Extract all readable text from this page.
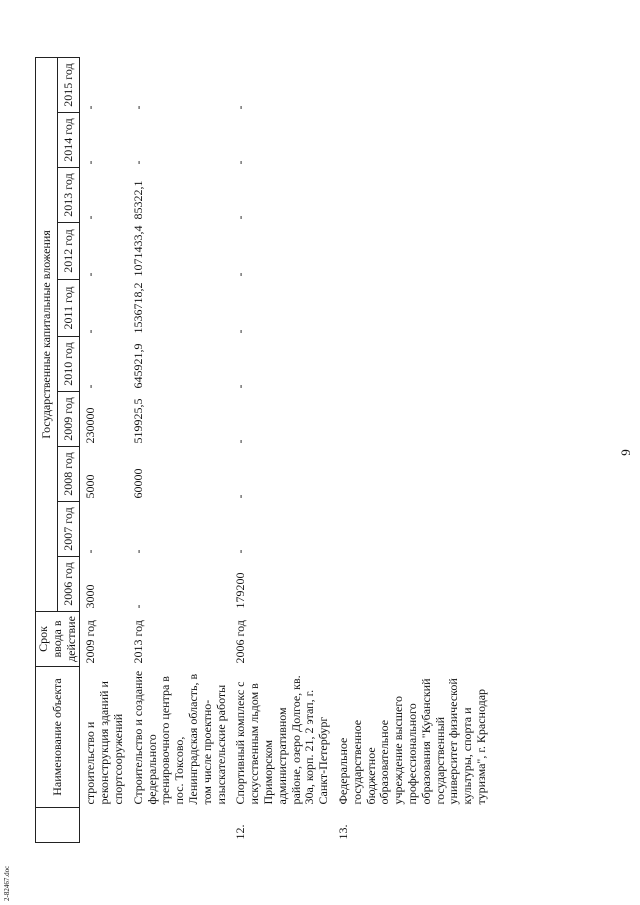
9
2-82467.doc
	Наименование объекта	Срок ввода в действие	Государственные капитальные вложения									
			2006 год	2007 год	2008 год	2009 год	2010 год	2011 год	2012 год	2013 год	2014 год	2015 год
	строительство и реконструкция зданий и спортсооружений	2009 год	3000	-	5000	230000	-	-	-	-	-	-
	Строительство и создание федерального тренировочного центра в пос. Токсово, Ленинградская область, в том числе проектно-изыскательские работы	2013 год	-	-	60000	519925,5	645921,9	1536718,2	1071433,4	85322,1	-	-
12.	Спортивный комплекс с искусственным льдом в Приморском административном районе, озеро Долгое, кв. 30а, корп. 21, 2 этап, г. Санкт-Петербург	2006 год	179200	-	-	-	-	-	-	-	-	-
13.	Федеральное государственное бюджетное образовательное учреждение высшего профессионального образования "Кубанский государственный университет физической культуры, спорта и туризма", г. Краснодар											
